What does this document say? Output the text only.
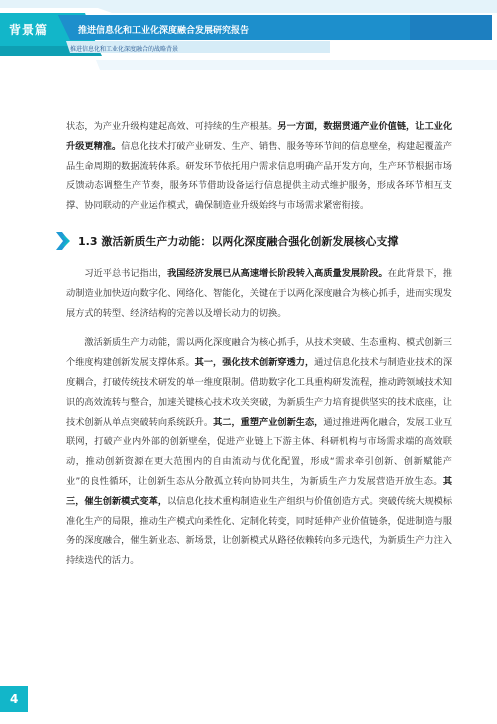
背景篇	推进信息化和工业化深度融合发展研究报告
推进信息化和工业化深度融合的战略背景

状态，为产业升级构建起高效、可持续的生产根基。另一方面，数据贯通产业价值链，让工业化升级更精准。信息化技术打破产业研发、生产、销售、服务等环节间的信息壁垒，构建起覆盖产品生命周期的数据流转体系。研发环节依托用户需求信息明确产品开发方向，生产环节根据市场反馈动态调整生产节奏，服务环节借助设备运行信息提供主动式维护服务，形成各环节相互支撑、协同联动的产业运作模式，确保制造业升级始终与市场需求紧密衔接。

1.3 激活新质生产力动能：以两化深度融合强化创新发展核心支撑

习近平总书记指出，我国经济发展已从高速增长阶段转入高质量发展阶段。在此背景下，推动制造业加快迈向数字化、网络化、智能化，关键在于以两化深度融合为核心抓手，进而实现发展方式的转型、经济结构的完善以及增长动力的切换。

激活新质生产力动能，需以两化深度融合为核心抓手，从技术突破、生态重构、模式创新三个维度构建创新发展支撑体系。其一，强化技术创新穿透力，通过信息化技术与制造业技术的深度耦合，打破传统技术研发的单一维度限制。借助数字化工具重构研发流程，推动跨领域技术知识的高效流转与整合，加速关键核心技术攻关突破，为新质生产力培育提供坚实的技术底座，让技术创新从单点突破转向系统跃升。其二，重塑产业创新生态，通过推进两化融合，发展工业互联网，打破产业内外部的创新壁垒，促进产业链上下游主体、科研机构与市场需求端的高效联动，推动创新资源在更大范围内的自由流动与优化配置，形成“需求牵引创新、创新赋能产业”的良性循环，让创新生态从分散孤立转向协同共生，为新质生产力发展营造开放生态。其三，催生创新模式变革，以信息化技术重构制造业生产组织与价值创造方式。突破传统大规模标准化生产的局限，推动生产模式向柔性化、定制化转变，同时延伸产业价值链条，促进制造与服务的深度融合，催生新业态、新场景，让创新模式从路径依赖转向多元迭代，为新质生产力注入持续迭代的活力。

4
